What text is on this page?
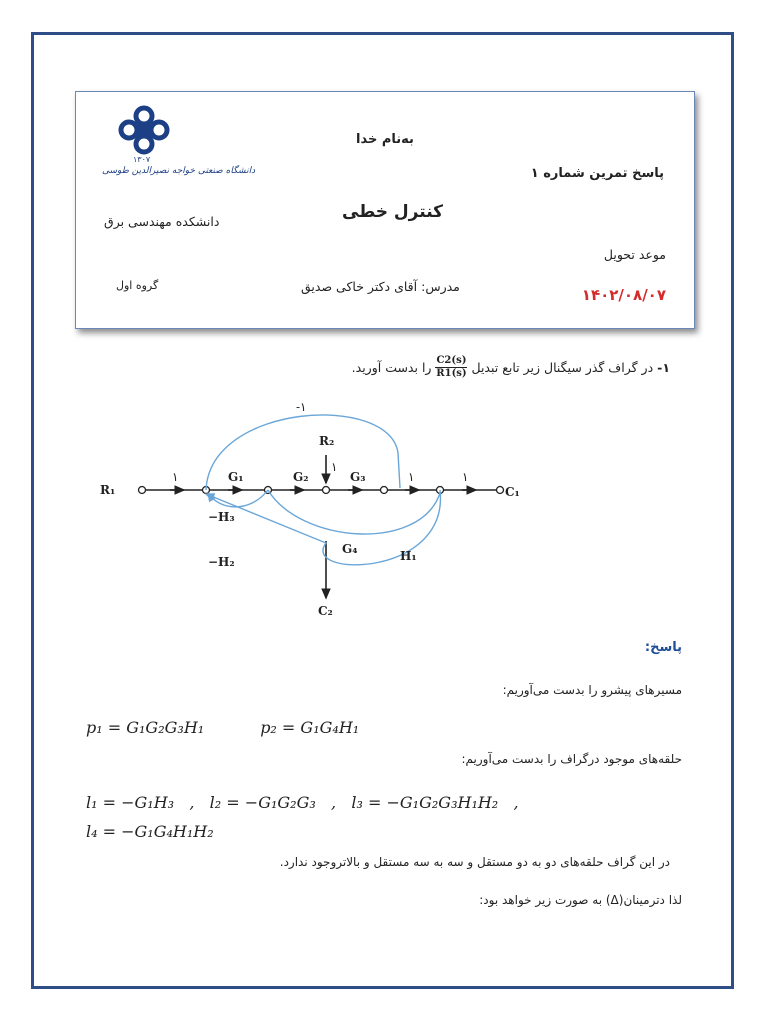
۱۳۰۷
دانشگاه صنعتی خواجه نصیرالدین طوسی
به‌نام خدا
پاسخ تمرین شماره ۱
کنترل خطی
دانشکده مهندسی برق
موعد تحویل
گروه اول	مدرس: آقای دکتر خاکی صدیق	۱۴۰۲/۰۸/۰۷
۱-
در گراف گذر سیگنال زیر تابع تبدیل
$\frac{C2(s)}{R1(s)}$
را بدست آورید.
R₁	C₁
R₂
C₂
-۱
۱	G₁	G₂	G₃
۱
۱	۱
−H₃
−H₂
G₄	H₁
پاسخ:
مسیرهای پیشرو را بدست می‌آوریم:
p₁ = G₁G₂G₃H₁	p₂ = G₁G₄H₁
حلقه‌های موجود درگراف را بدست می‌آوریم:
l₁ = −G₁H₃   ,   l₂ = −G₁G₂G₃   ,   l₃ = −G₁G₂G₃H₁H₂   ,
l₄ = −G₁G₄H₁H₂
در این گراف حلقه‌های دو به دو مستقل و سه به سه مستقل و بالاتروجود ندارد.
لذا دترمینان(Δ) به صورت زیر خواهد بود:
